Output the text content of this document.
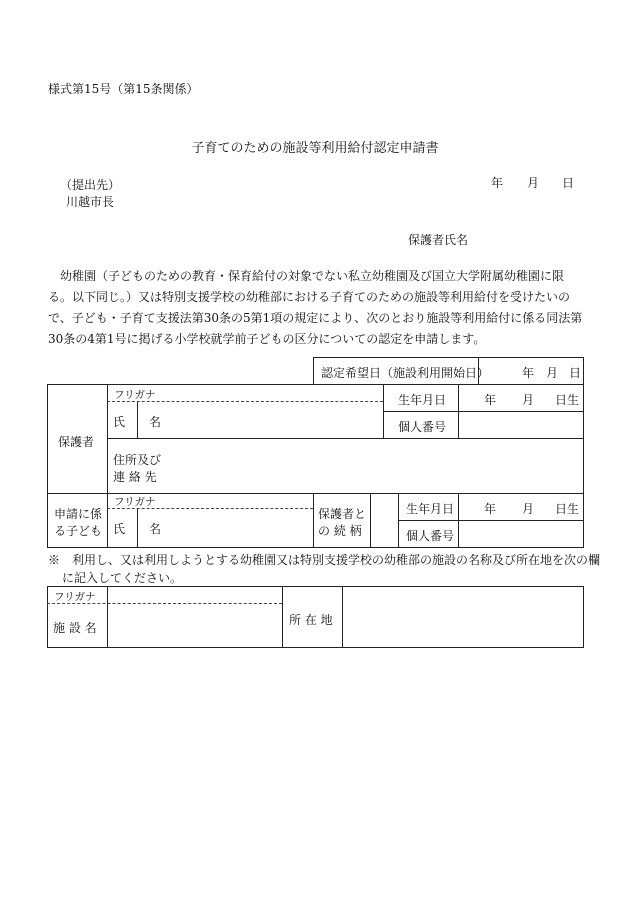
様式第15号（第15条関係）
子育てのための施設等利用給付認定申請書
（提出先）
川越市長
年 月 日
保護者氏名
幼稚園（子どものための教育・保育給付の対象でない私立幼稚園及び国立大学附属幼稚園に限る。以下同じ。）又は特別支援学校の幼稚部における子育てのための施設等利用給付を受けたいので、子ども・子育て支援法第30条の5第1項の規定により、次のとおり施設等利用給付に係る同法第30条の4第1号に掲げる小学校就学前子どもの区分についての認定を申請します。
認定希望日（施設利用開始日）	年 月 日
保護者
フリガナ
氏　　名
生年月日	年 月 日生
個人番号
住所及び
連 絡 先
申請に係
る子ども
フリガナ
氏　　名
保護者と
の 続 柄
生年月日 年 月 日生
個人番号
※　利用し、又は利用しようとする幼稚園又は特別支援学校の幼稚部の施設の名称及び所在地を次の欄
に記入してください。
フリガナ
施 設 名
所 在 地
